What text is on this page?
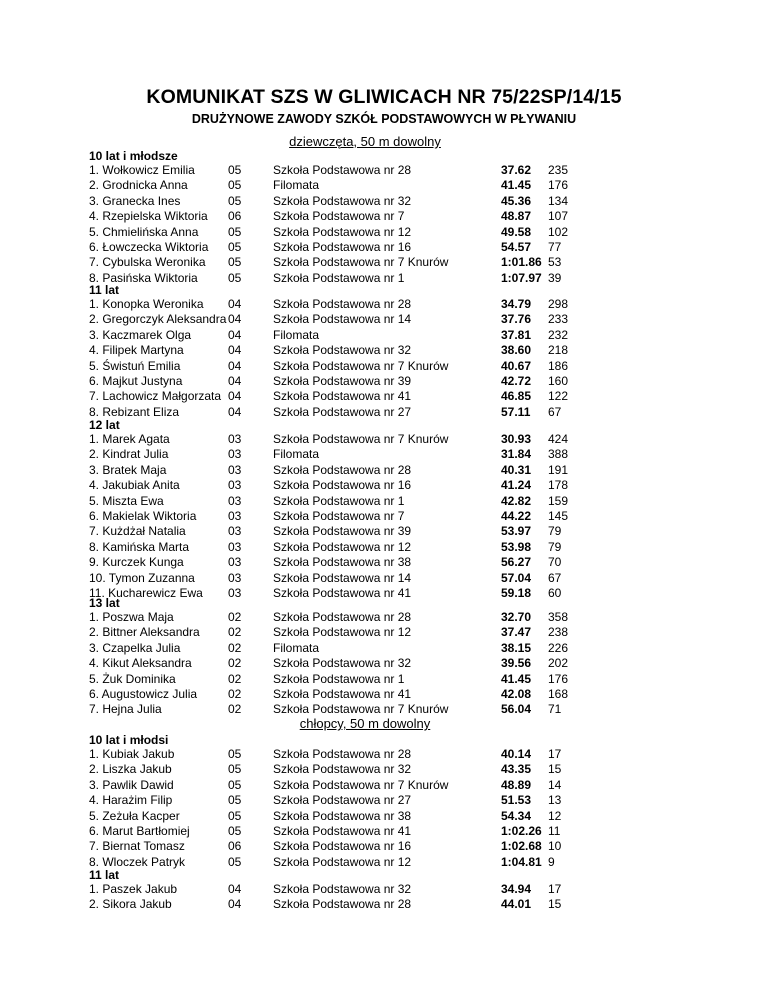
KOMUNIKAT SZS W GLIWICACH NR 75/22SP/14/15
DRUŻYNOWE ZAWODY SZKÓŁ PODSTAWOWYCH W PŁYWANIU
dziewczęta, 50 m dowolny
10 lat i młodsze
1. Wołkowicz Emilia	05	Szkoła Podstawowa nr 28	37.62 235
2. Grodnicka Anna	05	Filomata	41.45 176
3. Granecka Ines	05	Szkoła Podstawowa nr 32	45.36 134
4. Rzepielska Wiktoria 06	Szkoła Podstawowa nr 7	48.87 107
5. Chmielińska Anna 05	Szkoła Podstawowa nr 12	49.58 102
6. Łowczecka Wiktoria 05	Szkoła Podstawowa nr 16	54.57 77
7. Cybulska Weronika 05	Szkoła Podstawowa nr 7 Knurów	1:01.86 53
8. Pasińska Wiktoria	05	Szkoła Podstawowa nr 1	1:07.97 39
11 lat
1. Konopka Weronika 04	Szkoła Podstawowa nr 28	34.79 298
2. Gregorczyk Aleksandra 04	Szkoła Podstawowa nr 14	37.76 233
3. Kaczmarek Olga	04	Filomata	37.81 232
4. Filipek Martyna	04	Szkoła Podstawowa nr 32	38.60 218
5. Świstuń Emilia	04	Szkoła Podstawowa nr 7 Knurów	40.67 186
6. Majkut Justyna	04	Szkoła Podstawowa nr 39	42.72 160
7. Lachowicz Małgorzata 04	Szkoła Podstawowa nr 41	46.85 122
8. Rebizant Eliza	04	Szkoła Podstawowa nr 27	57.11 67
12 lat
1. Marek Agata	03	Szkoła Podstawowa nr 7 Knurów	30.93 424
2. Kindrat Julia	03	Filomata	31.84 388
3. Bratek Maja	03	Szkoła Podstawowa nr 28	40.31 191
4. Jakubiak Anita	03	Szkoła Podstawowa nr 16	41.24 178
5. Miszta Ewa	03	Szkoła Podstawowa nr 1	42.82 159
6. Makielak Wiktoria	03	Szkoła Podstawowa nr 7	44.22 145
7. Kużdżał Natalia	03	Szkoła Podstawowa nr 39	53.97 79
8. Kamińska Marta	03	Szkoła Podstawowa nr 12	53.98 79
9. Kurczek Kunga	03	Szkoła Podstawowa nr 38	56.27 70
10. Tymon Zuzanna	03	Szkoła Podstawowa nr 14	57.04 67
11. Kucharewicz Ewa 03	Szkoła Podstawowa nr 41	59.18 60
13 lat
1. Poszwa Maja	02	Szkoła Podstawowa nr 28	32.70 358
2. Bittner Aleksandra 02	Szkoła Podstawowa nr 12	37.47 238
3. Czapelka Julia	02	Filomata	38.15 226
4. Kikut Aleksandra	02	Szkoła Podstawowa nr 32	39.56 202
5. Żuk Dominika	02	Szkoła Podstawowa nr 1	41.45 176
6. Augustowicz Julia	02	Szkoła Podstawowa nr 41	42.08 168
7. Hejna Julia	02	Szkoła Podstawowa nr 7 Knurów	56.04 71
chłopcy, 50 m dowolny
10 lat i młodsi
1. Kubiak Jakub	05	Szkoła Podstawowa nr 28	40.14 17
2. Liszka Jakub	05	Szkoła Podstawowa nr 32	43.35 15
3. Pawlik Dawid	05	Szkoła Podstawowa nr 7 Knurów	48.89 14
4. Harażim Filip	05	Szkoła Podstawowa nr 27	51.53 13
5. Zeżuła Kacper	05	Szkoła Podstawowa nr 38	54.34 12
6. Marut Bartłomiej	05	Szkoła Podstawowa nr 41	1:02.26 11
7. Biernat Tomasz	06	Szkoła Podstawowa nr 16	1:02.68 10
8. Wloczek Patryk	05	Szkoła Podstawowa nr 12	1:04.81 9
11 lat
1. Paszek Jakub	04	Szkoła Podstawowa nr 32	34.94 17
2. Sikora Jakub	04	Szkoła Podstawowa nr 28	44.01 15
